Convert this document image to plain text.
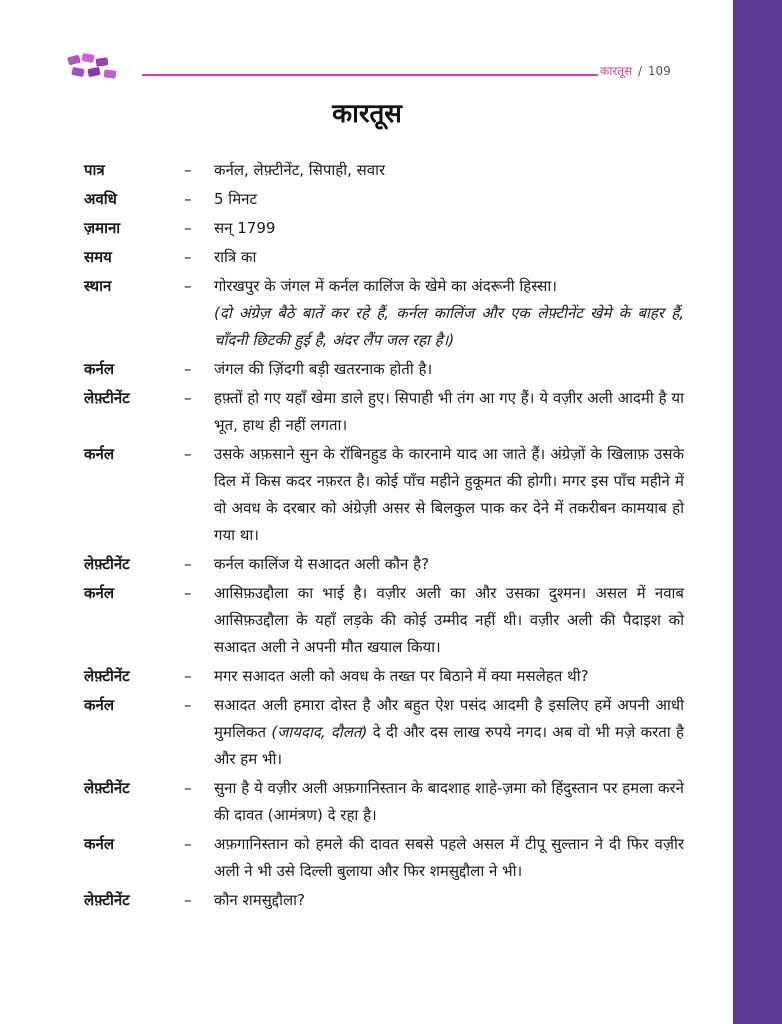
कारतूस / 109
कारतूस
पात्र	–	कर्नल, लेफ़्टीनेंट, सिपाही, सवार
अवधि	–	5 मिनट
ज़माना	–	सन् 1799
समय	–	रात्रि का
स्थान	–	गोरखपुर के जंगल में कर्नल कालिंज के खेमे का अंदरूनी हिस्सा।
(दो अंग्रेज़ बैठे बातें कर रहे हैं, कर्नल कालिंज और एक लेफ़्टीनेंट खेमे के बाहर हैं, चाँदनी छिटकी हुई है, अंदर लैंप जल रहा है।)
कर्नल	–	जंगल की ज़िंदगी बड़ी खतरनाक होती है।
लेफ़्टीनेंट	–	हफ़्तों हो गए यहाँ खेमा डाले हुए। सिपाही भी तंग आ गए हैं। ये वज़ीर अली आदमी है या भूत, हाथ ही नहीं लगता।
कर्नल	–	उसके अफ़साने सुन के रॉबिनहुड के कारनामे याद आ जाते हैं। अंग्रेज़ों के खिलाफ़ उसके दिल में किस कदर नफ़रत है। कोई पाँच महीने हुकूमत की होगी। मगर इस पाँच महीने में वो अवध के दरबार को अंग्रेज़ी असर से बिलकुल पाक कर देने में तकरीबन कामयाब हो गया था।
लेफ़्टीनेंट	–	कर्नल कालिंज ये सआदत अली कौन है?
कर्नल	–	आसिफ़उद्दौला का भाई है। वज़ीर अली का और उसका दुश्मन। असल में नवाब आसिफ़उद्दौला के यहाँ लड़के की कोई उम्मीद नहीं थी। वज़ीर अली की पैदाइश को सआदत अली ने अपनी मौत खयाल किया।
लेफ़्टीनेंट	–	मगर सआदत अली को अवध के तख्त पर बिठाने में क्या मसलेहत थी?
कर्नल	–	सआदत अली हमारा दोस्त है और बहुत ऐश पसंद आदमी है इसलिए हमें अपनी आधी मुमलिकत (जायदाद, दौलत) दे दी और दस लाख रुपये नगद। अब वो भी मज़े करता है और हम भी।
लेफ़्टीनेंट	–	सुना है ये वज़ीर अली अफ़गानिस्तान के बादशाह शाहे-ज़मा को हिंदुस्तान पर हमला करने की दावत (आमंत्रण) दे रहा है।
कर्नल	–	अफ़गानिस्तान को हमले की दावत सबसे पहले असल में टीपू सुल्तान ने दी फिर वज़ीर अली ने भी उसे दिल्ली बुलाया और फिर शमसुद्दौला ने भी।
लेफ़्टीनेंट	–	कौन शमसुद्दौला?
